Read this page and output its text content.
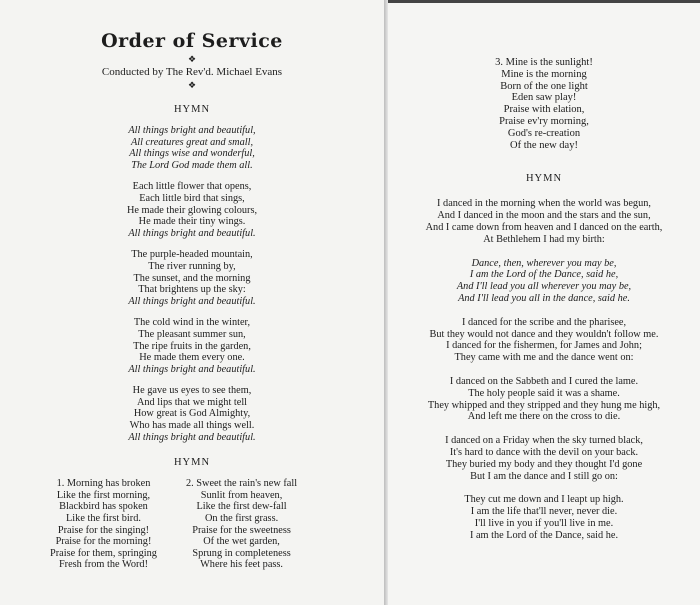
Order of Service
❖
Conducted by The Rev'd. Michael Evans
❖
HYMN
All things bright and beautiful,
All creatures great and small,
All things wise and wonderful,
The Lord God made them all.
Each little flower that opens,
Each little bird that sings,
He made their glowing colours,
He made their tiny wings.
All things bright and beautiful.
The purple-headed mountain,
The river running by,
The sunset, and the morning
That brightens up the sky:
All things bright and beautiful.
The cold wind in the winter,
The pleasant summer sun,
The ripe fruits in the garden,
He made them every one.
All things bright and beautiful.
He gave us eyes to see them,
And lips that we might tell
How great is God Almighty,
Who has made all things well.
All things bright and beautiful.
HYMN
1. Morning has broken
Like the first morning,
Blackbird has spoken
Like the first bird.
Praise for the singing!
Praise for the morning!
Praise for them, springing
Fresh from the Word!
2. Sweet the rain's new fall
Sunlit from heaven,
Like the first dew-fall
On the first grass.
Praise for the sweetness
Of the wet garden,
Sprung in completeness
Where his feet pass.
3. Mine is the sunlight!
Mine is the morning
Born of the one light
Eden saw play!
Praise with elation,
Praise ev'ry morning,
God's re-creation
Of the new day!
HYMN
I danced in the morning when the world was begun,
And I danced in the moon and the stars and the sun,
And I came down from heaven and I danced on the earth,
At Bethlehem I had my birth:
Dance, then, wherever you may be,
I am the Lord of the Dance, said he,
And I'll lead you all wherever you may be,
And I'll lead you all in the dance, said he.
I danced for the scribe and the pharisee,
But they would not dance and they wouldn't follow me.
I danced for the fishermen, for James and John;
They came with me and the dance went on:
I danced on the Sabbeth and I cured the lame.
The holy people said it was a shame.
They whipped and they stripped and they hung me high,
And left me there on the cross to die.
I danced on a Friday when the sky turned black,
It's hard to dance with the devil on your back.
They buried my body and they thought I'd gone
But I am the dance and I still go on:
They cut me down and I leapt up high.
I am the life that'll never, never die.
I'll live in you if you'll live in me.
I am the Lord of the Dance, said he.
